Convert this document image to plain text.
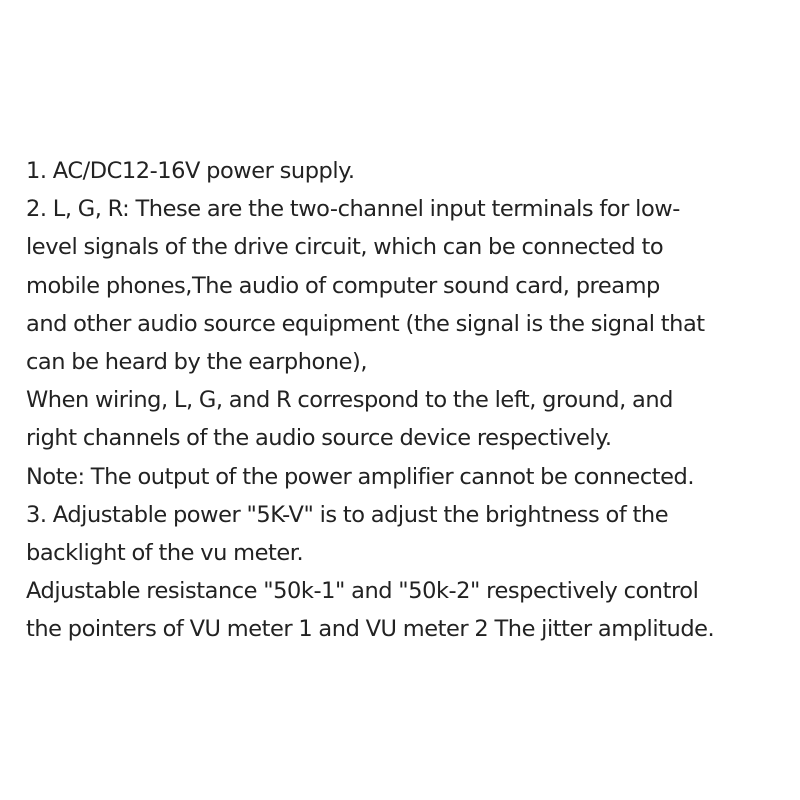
1. AC/DC12-16V power supply.
2. L, G, R: These are the two-channel input terminals for low-
level signals of the drive circuit, which can be connected to
mobile phones,The audio of computer sound card, preamp
and other audio source equipment (the signal is the signal that
can be heard by the earphone),
When wiring, L, G, and R correspond to the left, ground, and
right channels of the audio source device respectively.
Note: The output of the power amplifier cannot be connected.
3. Adjustable power "5K-V" is to adjust the brightness of the
backlight of the vu meter.
Adjustable resistance "50k-1" and "50k-2" respectively control
the pointers of VU meter 1 and VU meter 2 The jitter amplitude.
